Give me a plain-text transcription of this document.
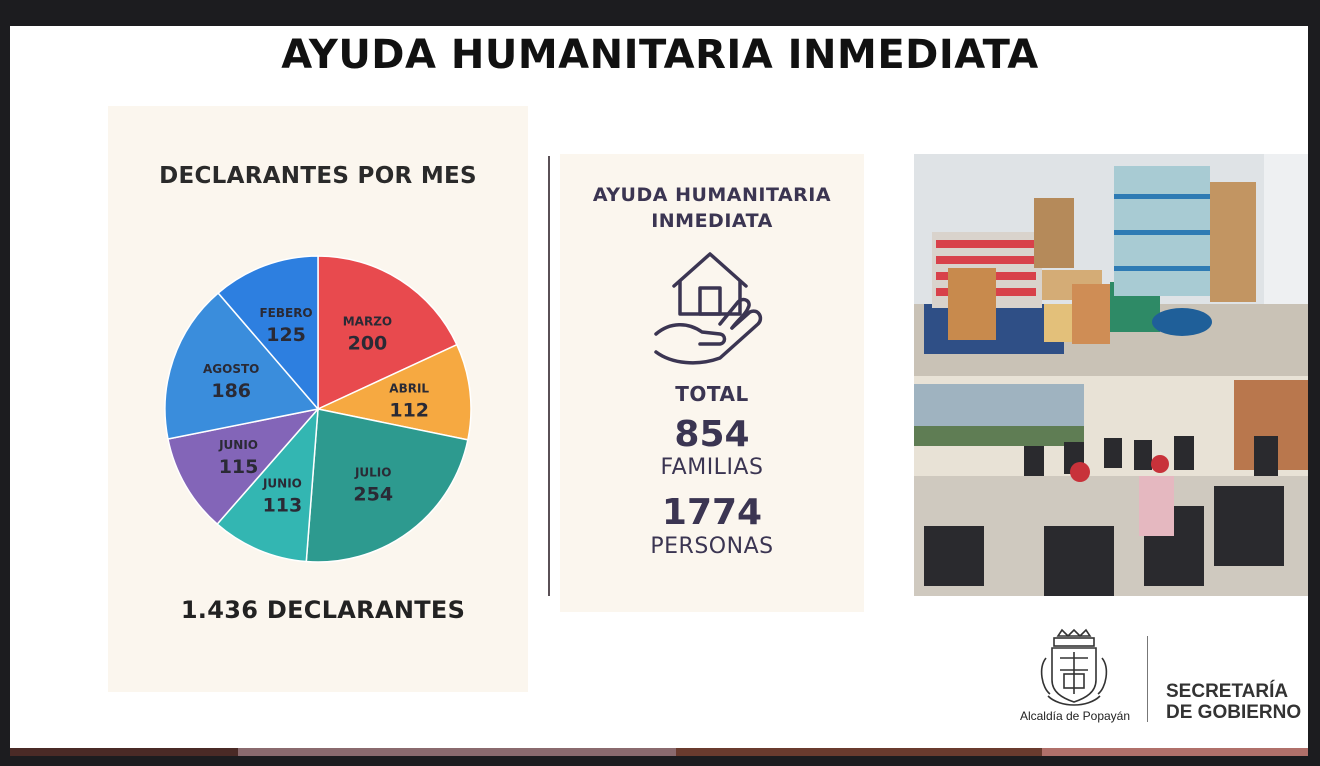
AYUDA HUMANITARIA INMEDIATA
DECLARANTES POR MES
MARZO
200
ABRIL
112
JULIO
254
JUNIO
113
JUNIO
115
AGOSTO
186
FEBERO
125
1.436 DECLARANTES
AYUDA HUMANITARIA
INMEDIATA
TOTAL
854
FAMILIAS
1774
PERSONAS
Alcaldía de Popayán
SECRETARÍA
DE GOBIERNO
